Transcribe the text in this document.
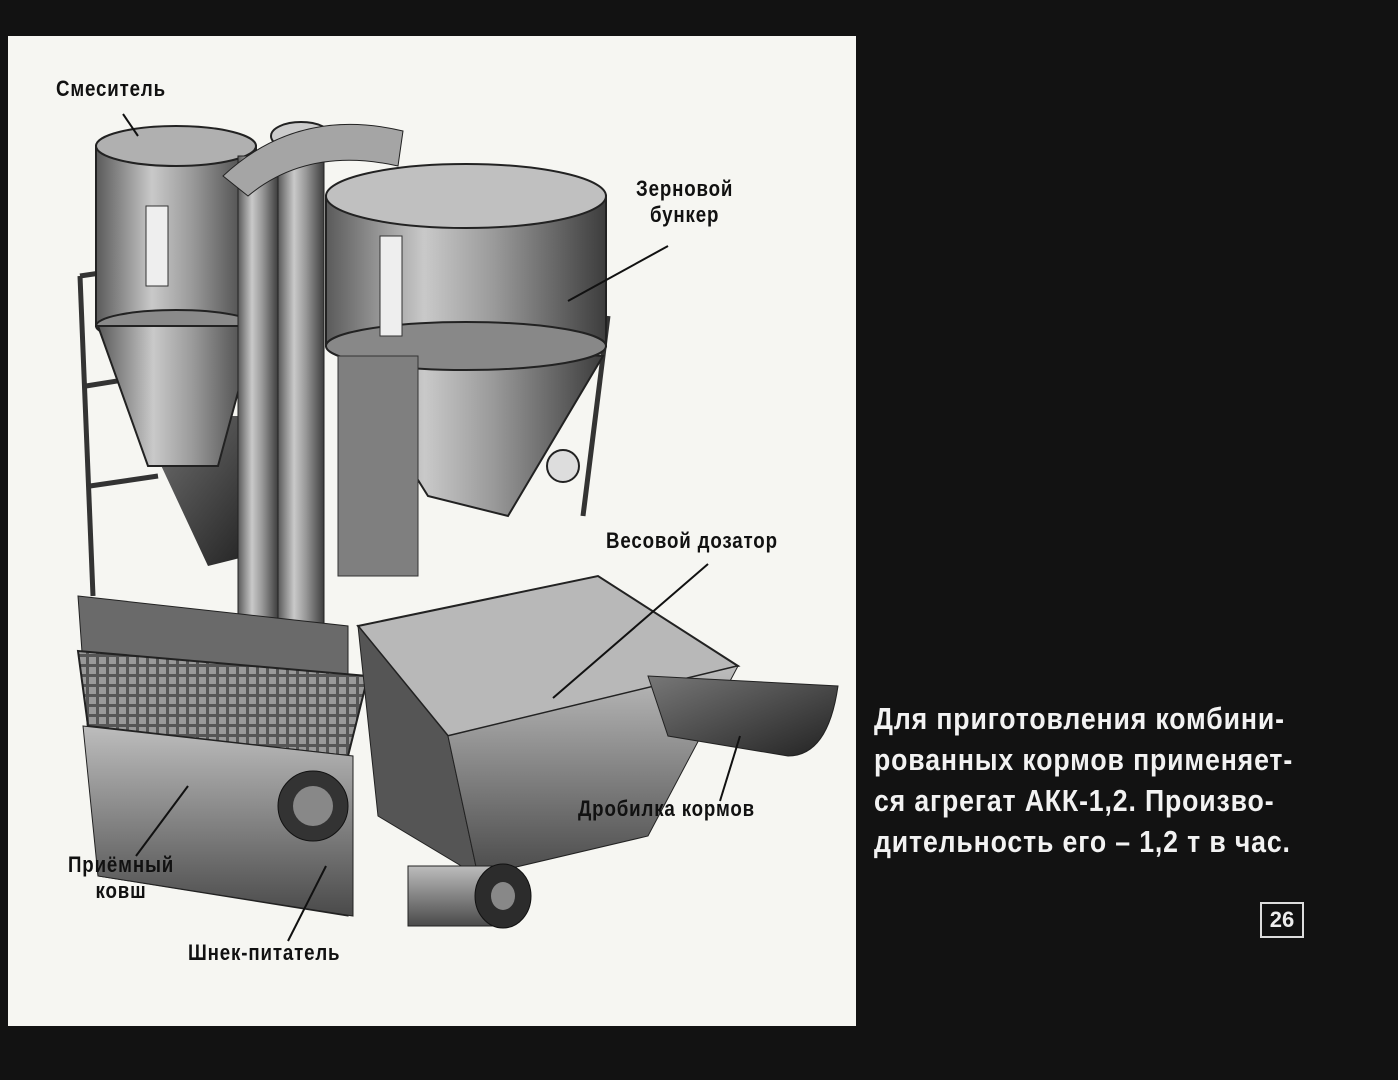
Смеситель
Зерновой
бункер
Весовой дозатор
Дробилка кормов
Приёмный
ковш
Шнек-питатель
Для приготовления комбини-
рованных кормов применяет-
ся агрегат АКК-1,2. Произво-
дительность его – 1,2 т в час.
26
